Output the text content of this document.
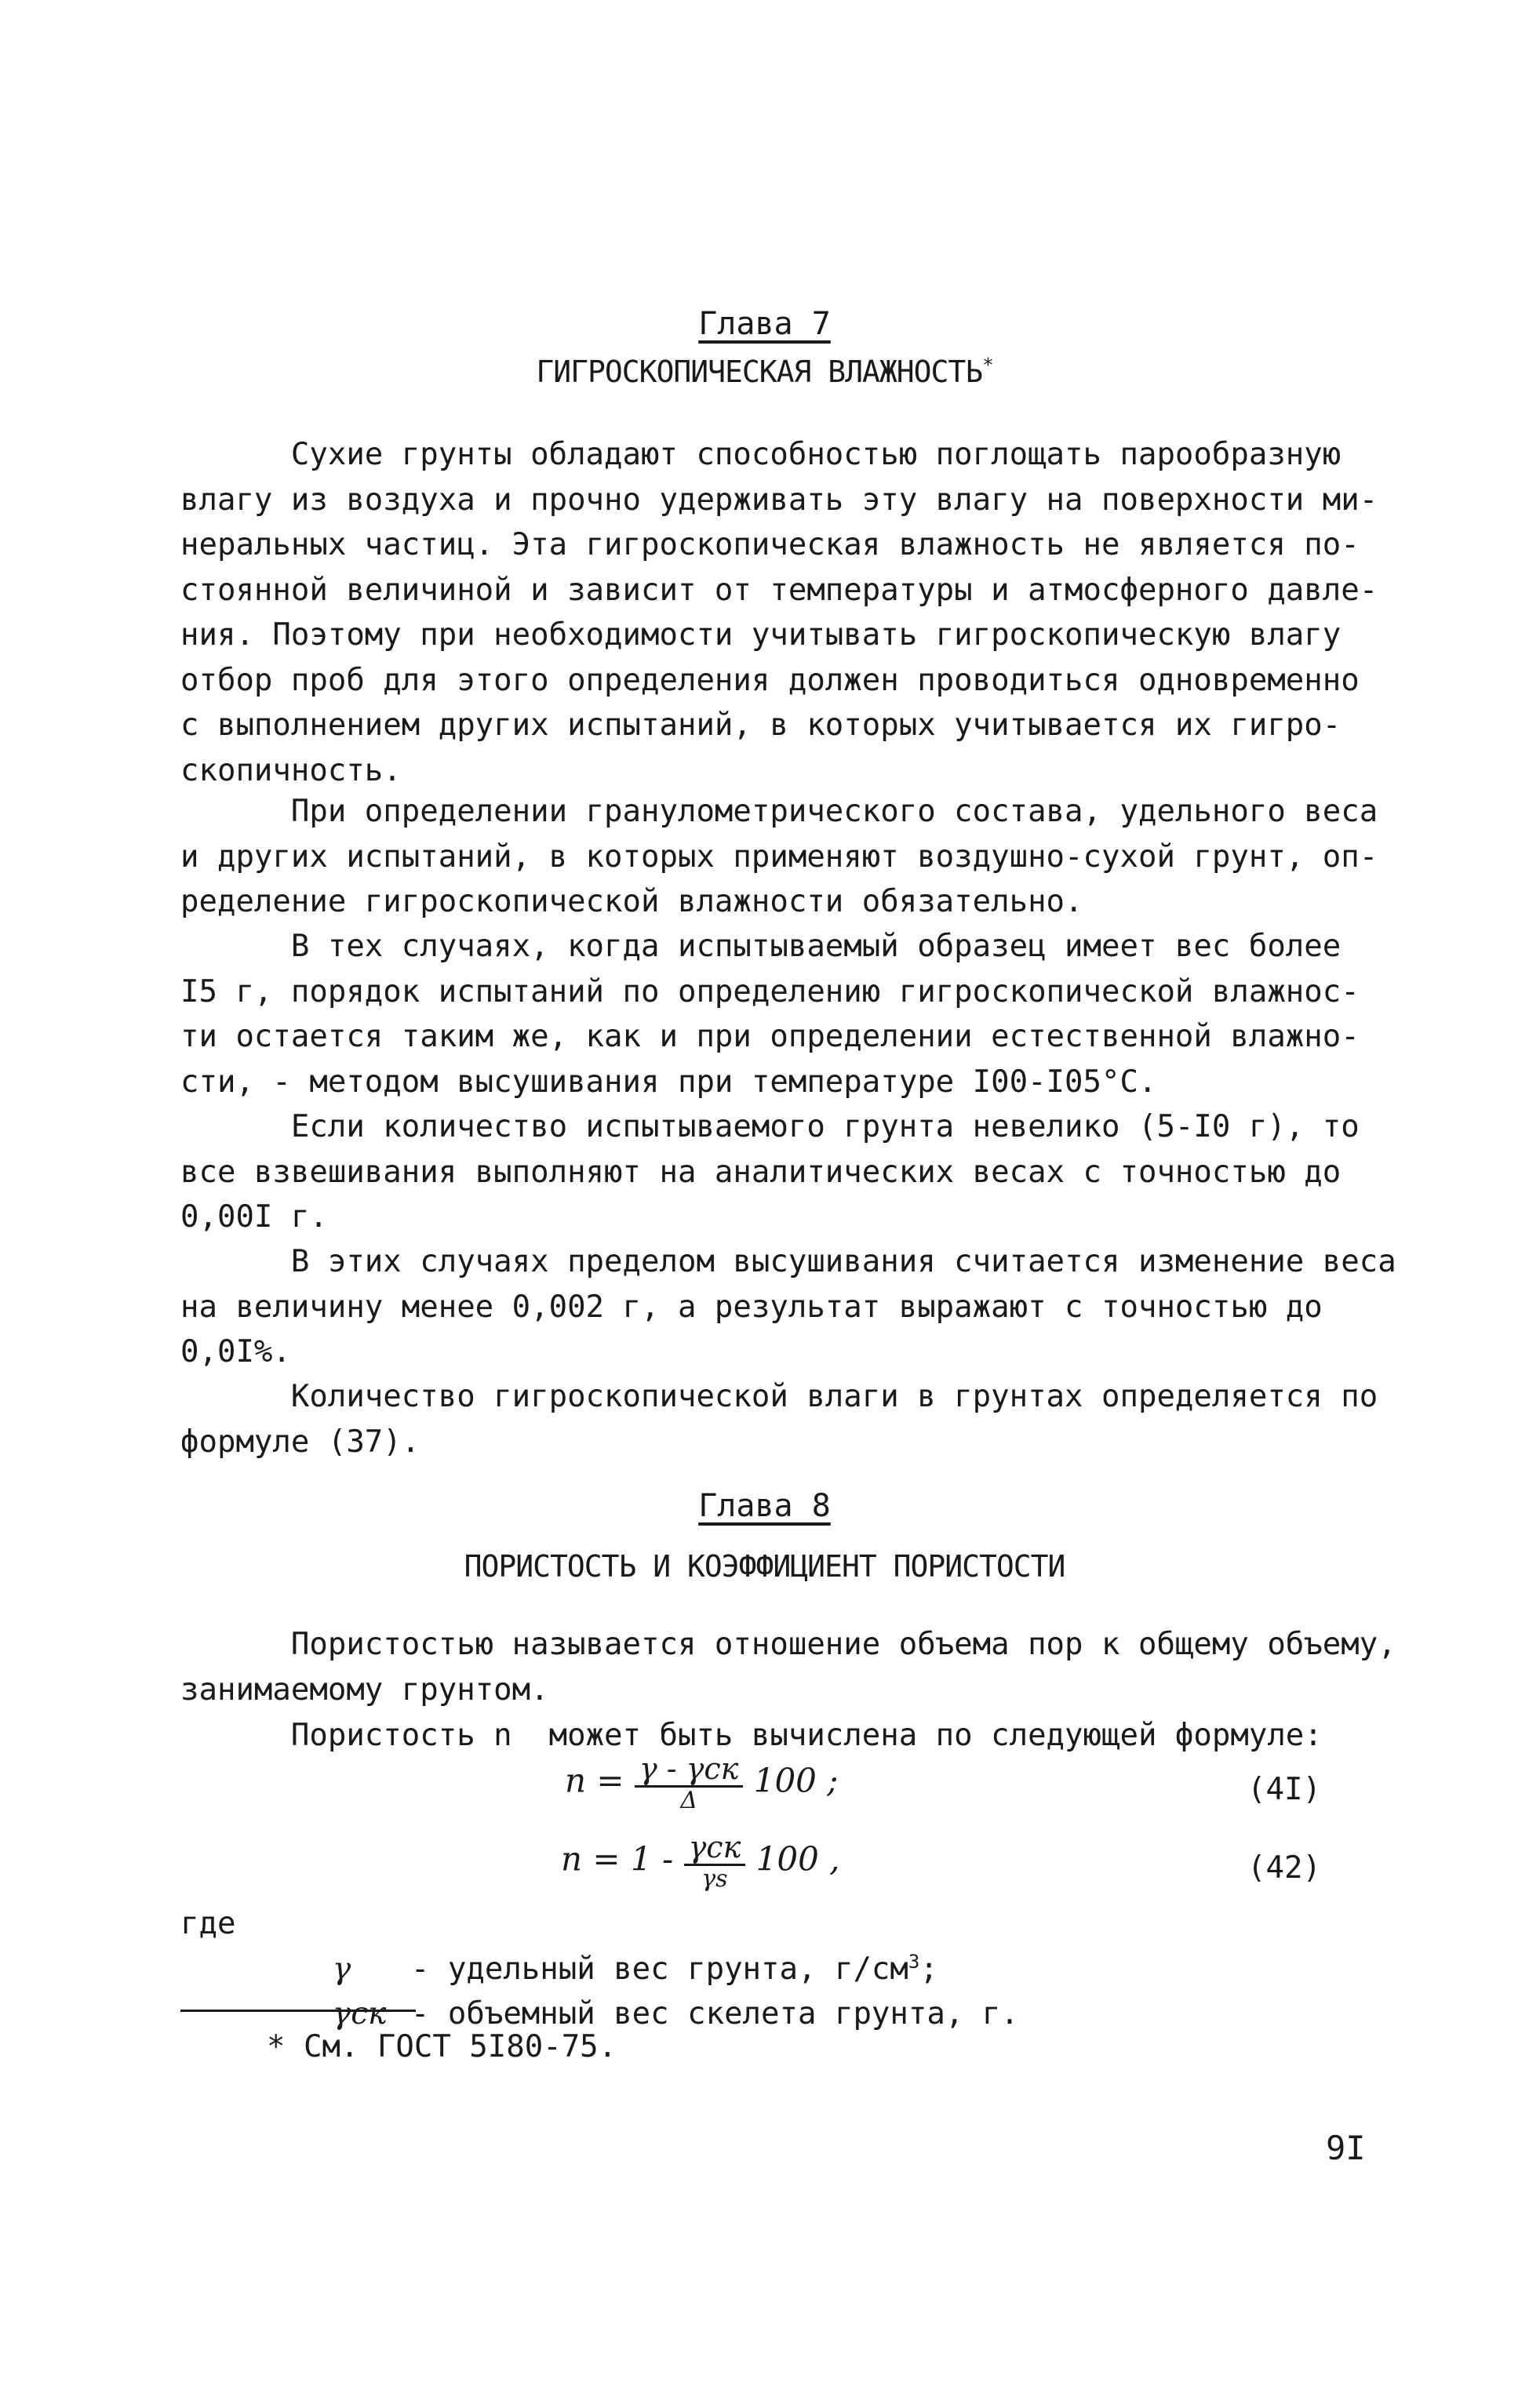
Глава 7
ГИГРОСКОПИЧЕСКАЯ ВЛАЖНОСТЬ*

Сухие грунты обладают способностью поглощать парообразную
влагу из воздуха и прочно удерживать эту влагу на поверхности ми-
неральных частиц. Эта гигроскопическая влажность не является по-
стоянной величиной и зависит от температуры и атмосферного давле-
ния. Поэтому при необходимости учитывать гигроскопическую влагу
отбор проб для этого определения должен проводиться одновременно
с выполнением других испытаний, в которых учитывается их гигро-
скопичность.

При определении гранулометрического состава, удельного веса
и других испытаний, в которых применяют воздушно-сухой грунт, оп-
ределение гигроскопической влажности обязательно.

В тех случаях, когда испытываемый образец имеет вес более
I5 г, порядок испытаний по определению гигроскопической влажнос-
ти остается таким же, как и при определении естественной влажно-
сти, - методом высушивания при температуре I00-I05°С.

Если количество испытываемого грунта невелико (5-I0 г), то
все взвешивания выполняют на аналитических весах с точностью до
0,00I г.

В этих случаях пределом высушивания считается изменение веса
на величину менее 0,002 г, а результат выражают с точностью до
0,0I%.

Количество гигроскопической влаги в грунтах определяется по
формуле (37).

Глава 8
ПОРИСТОСТЬ И КОЭФФИЦИЕНТ ПОРИСТОСТИ

Пористостью называется отношение объема пор к общему объему,
занимаемому грунтом.

Пористость n  может быть вычислена по следующей формуле:

$n = \frac{\text{γ - γск}}{\Delta} 100$ ;	(4I)
$n = 1 - \frac{\text{γск}}{\gamma s} 100$ ,	(42)
где

γ - удельный вес грунта, $г/см^3$;

γск - объемный вес скелета грунта, г.

* См. ГОСТ 5I80-75.
9I
